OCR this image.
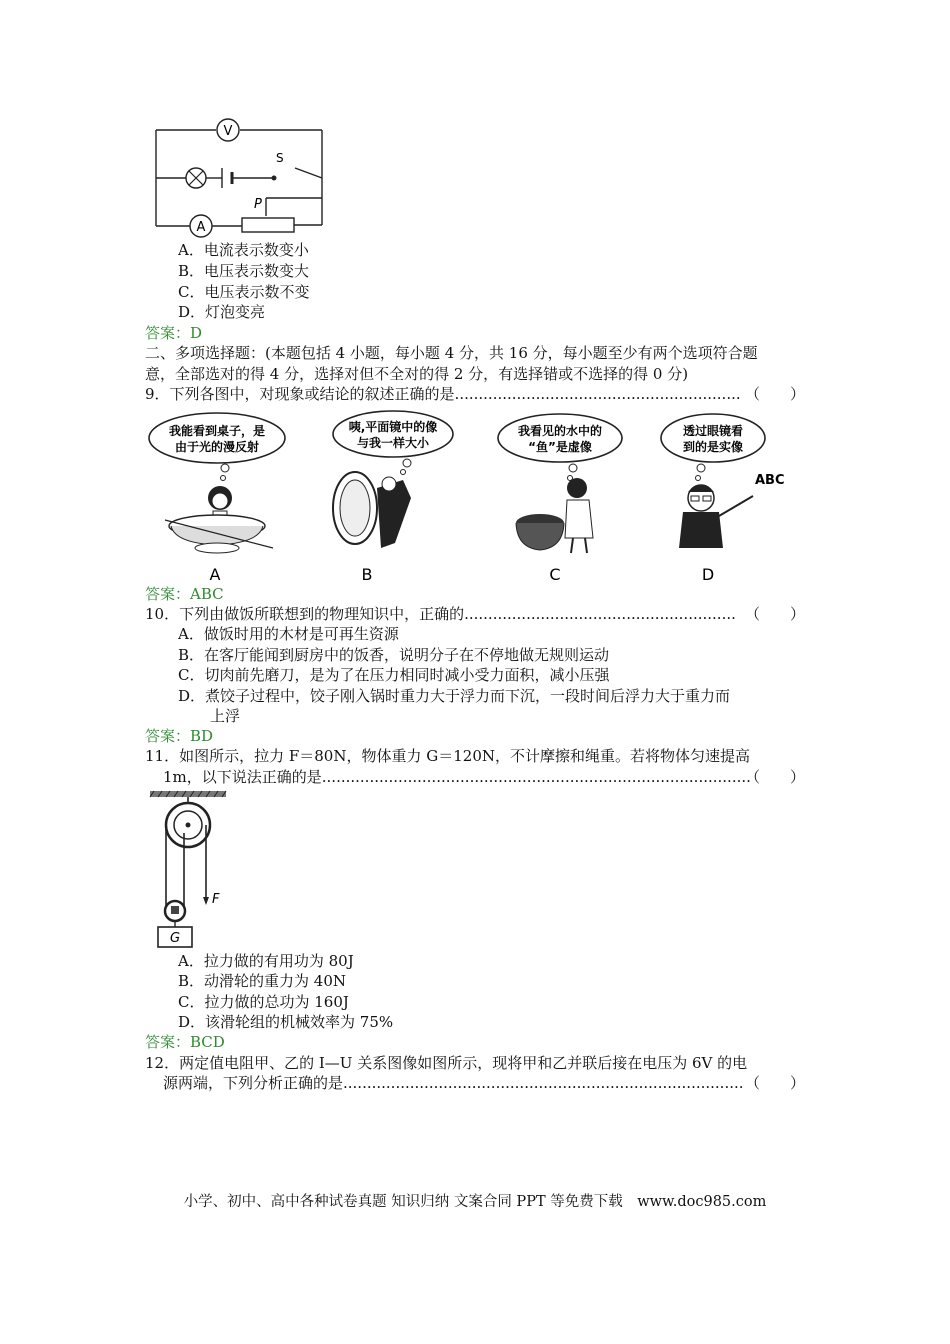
V
S
A
P
A．电流表示数变小
B．电压表示数变大
C．电压表示数不变
D．灯泡变亮
答案：D
二、多项选择题：(本题包括 4 小题，每小题 4 分，共 16 分，每小题至少有两个选项符合题
意，全部选对的得 4 分，选择对但不全对的得 2 分，有选择错或不选择的得 0 分)
9．下列各图中，对现象或结论的叙述正确的是............................................................ （　　）
我能看到桌子，是
由于光的漫反射
A
咦,平面镜中的像
与我一样大小
B
我看见的水中的
“鱼”是虚像
C
透过眼镜看
到的是实像
ABC
D
答案：ABC
10．下列由做饭所联想到的物理知识中，正确的......................................................... （　　）
A．做饭时用的木材是可再生资源
B．在客厅能闻到厨房中的饭香，说明分子在不停地做无规则运动
C．切肉前先磨刀，是为了在压力相同时减小受力面积，减小压强
D．煮饺子过程中，饺子刚入锅时重力大于浮力而下沉，一段时间后浮力大于重力而
上浮
答案：BD
11．如图所示，拉力 F＝80N，物体重力 G＝120N，不计摩擦和绳重。若将物体匀速提高
1m，以下说法正确的是..........................................................................................
（　　）
F
G
A．拉力做的有用功为 80J
B．动滑轮的重力为 40N
C．拉力做的总功为 160J
D．该滑轮组的机械效率为 75%
答案：BCD
12．两定值电阻甲、乙的 I—U 关系图像如图所示，现将甲和乙并联后接在电压为 6V 的电
源两端，下列分析正确的是.................................................................................... （　　）
小学、初中、高中各种试卷真题 知识归纳 文案合同 PPT 等免费下载　www.doc985.com
